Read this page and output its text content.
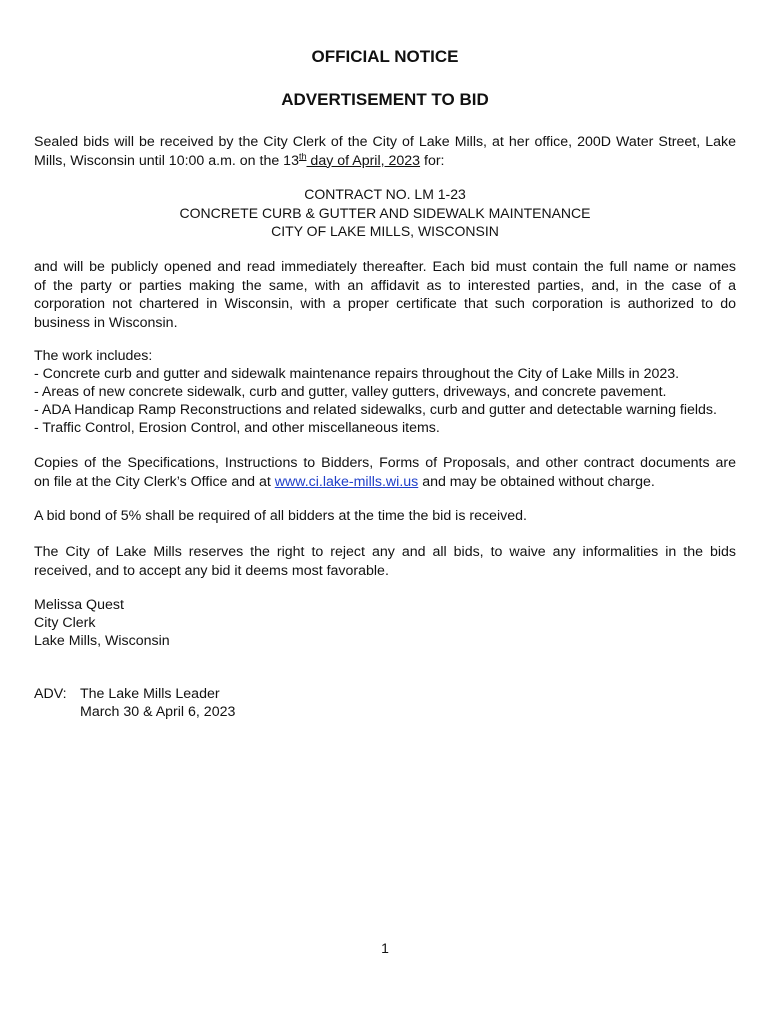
OFFICIAL NOTICE
ADVERTISEMENT TO BID
Sealed bids will be received by the City Clerk of the City of Lake Mills, at her office, 200D Water Street, Lake
Mills, Wisconsin until 10:00 a.m. on the 13th day of April, 2023 for:
CONTRACT NO. LM 1-23
CONCRETE CURB & GUTTER AND SIDEWALK MAINTENANCE
CITY OF LAKE MILLS, WISCONSIN
and will be publicly opened and read immediately thereafter. Each bid must contain the full name or names
of the party or parties making the same, with an affidavit as to interested parties, and, in the case of a
corporation not chartered in Wisconsin, with a proper certificate that such corporation is authorized to do
business in Wisconsin.
The work includes:
- Concrete curb and gutter and sidewalk maintenance repairs throughout the City of Lake Mills in 2023.
- Areas of new concrete sidewalk, curb and gutter, valley gutters, driveways, and concrete pavement.
- ADA Handicap Ramp Reconstructions and related sidewalks, curb and gutter and detectable warning fields.
- Traffic Control, Erosion Control, and other miscellaneous items.
Copies of the Specifications, Instructions to Bidders, Forms of Proposals, and other contract documents are
on file at the City Clerk’s Office and at www.ci.lake-mills.wi.us and may be obtained without charge.
A bid bond of 5% shall be required of all bidders at the time the bid is received.
The City of Lake Mills reserves the right to reject any and all bids, to waive any informalities in the bids
received, and to accept any bid it deems most favorable.
Melissa Quest
City Clerk
Lake Mills, Wisconsin
ADV: The Lake Mills Leader
March 30 & April 6, 2023
1
